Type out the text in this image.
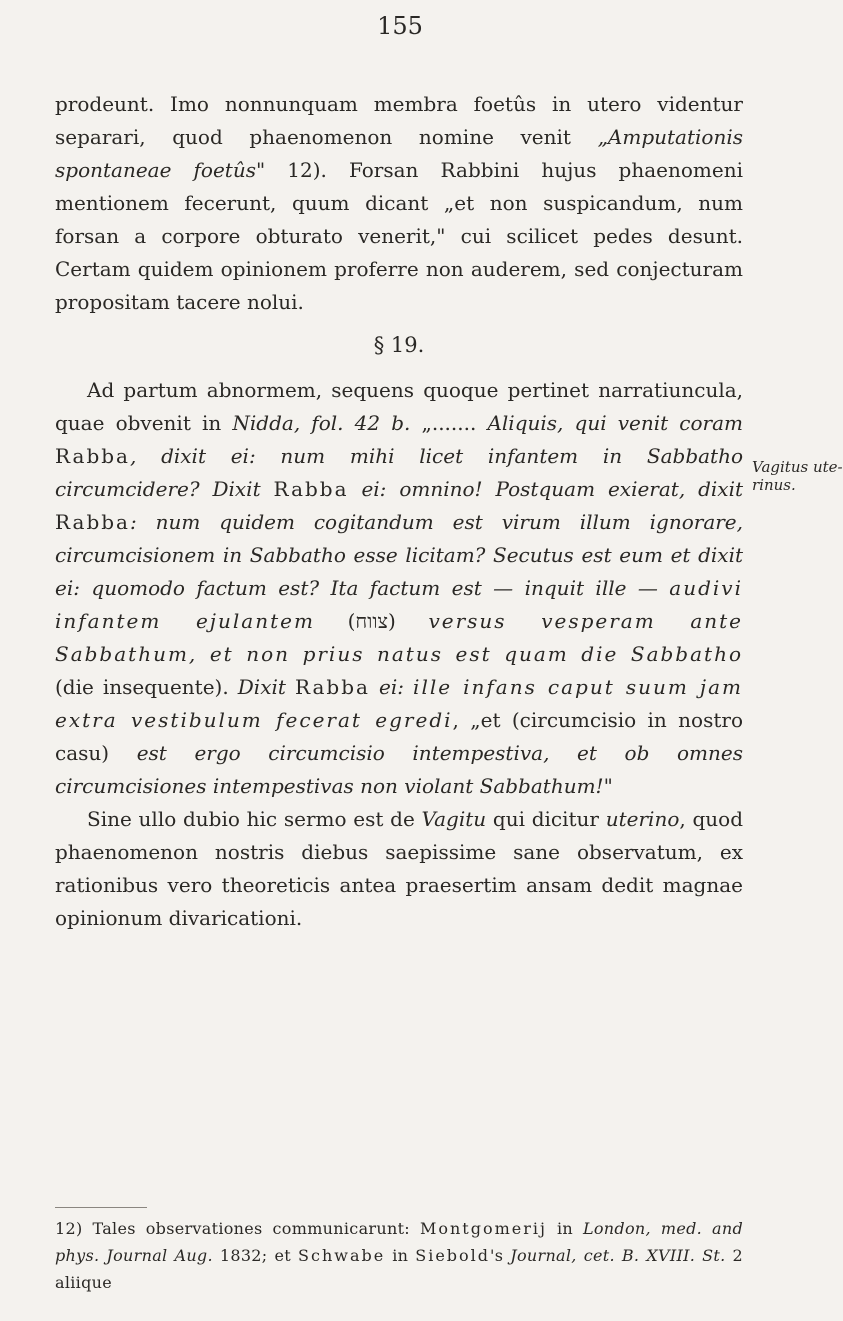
155

prodeunt. Imo nonnunquam membra foetûs in utero videntur separari, quod phaenomenon nomine venit „Amputationis spontaneae foetûs" 12). Forsan Rabbini hujus phaenomeni mentionem fecerunt, quum dicant „et non suspicandum, num forsan a corpore obturato venerit," cui scilicet pedes desunt. Certam quidem opinionem proferre non auderem, sed conjecturam propositam tacere nolui.

§ 19.

Ad partum abnormem, sequens quoque pertinet narratiuncula, quae obvenit in Nidda, fol. 42 b. „....... Aliquis, qui venit coram Rabba, dixit ei: num mihi licet infantem in Sabbatho circumcidere? Dixit Rabba ei: omnino! Postquam exierat, dixit Rabba: num quidem cogitandum est virum illum ignorare, circumcisionem in Sabbatho esse licitam? Secutus est eum et dixit ei: quomodo factum est? Ita factum est — inquit ille — audivi infantem ejulantem (צווח) versus vesperam ante Sabbathum, et non prius natus est quam die Sabbatho (die insequente). Dixit Rabba ei: ille infans caput suum jam extra vestibulum fecerat egredi, „et (circumcisio in nostro casu) est ergo circumcisio intempestiva, et ob omnes circumcisiones intempestivas non violant Sabbathum!"

Sine ullo dubio hic sermo est de Vagitu qui dicitur uterino, quod phaenomenon nostris diebus saepissime sane observatum, ex rationibus vero theoreticis antea praesertim ansam dedit magnae opinionum divaricationi.

Vagitus ute-
rinus.
12) Tales observationes communicarunt: Montgomerij in London, med. and phys. Journal Aug. 1832; et Schwabe in Siebold's Journal, cet. B. XVIII. St. 2 aliique
